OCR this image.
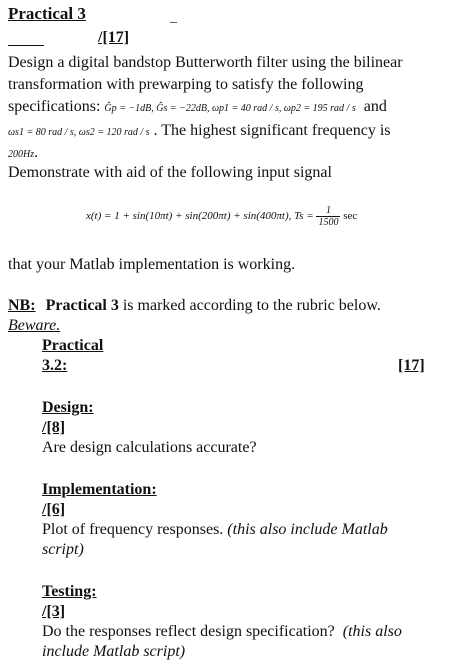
Practical 3	_
/[17]
Design a digital bandstop Butterworth filter using the bilinear
transformation with prewarping to satisfy the following
specifications: Ĝp = −1dB, Ĝs = −22dB, ωp1 = 40 rad / s, ωp2 = 195 rad / s and
ωs1 = 80 rad / s, ωs2 = 120 rad / s . The highest significant frequency is
200Hz.
Demonstrate with aid of the following input signal
x(t) = 1 + sin(10πt) + sin(200πt) + sin(400πt), $Ts = \frac{1}{1500}$ sec
that your Matlab implementation is working.
NB: Practical 3 is marked according to the rubric below.
Beware.
Practical
3.2:	[17]
Design:
/[8]
Are design calculations accurate?
Implementation:
/[6]
Plot of frequency responses. (this also include Matlab
script)
Testing:
/[3]
Do the responses reflect design specification? (this also
include Matlab script)
